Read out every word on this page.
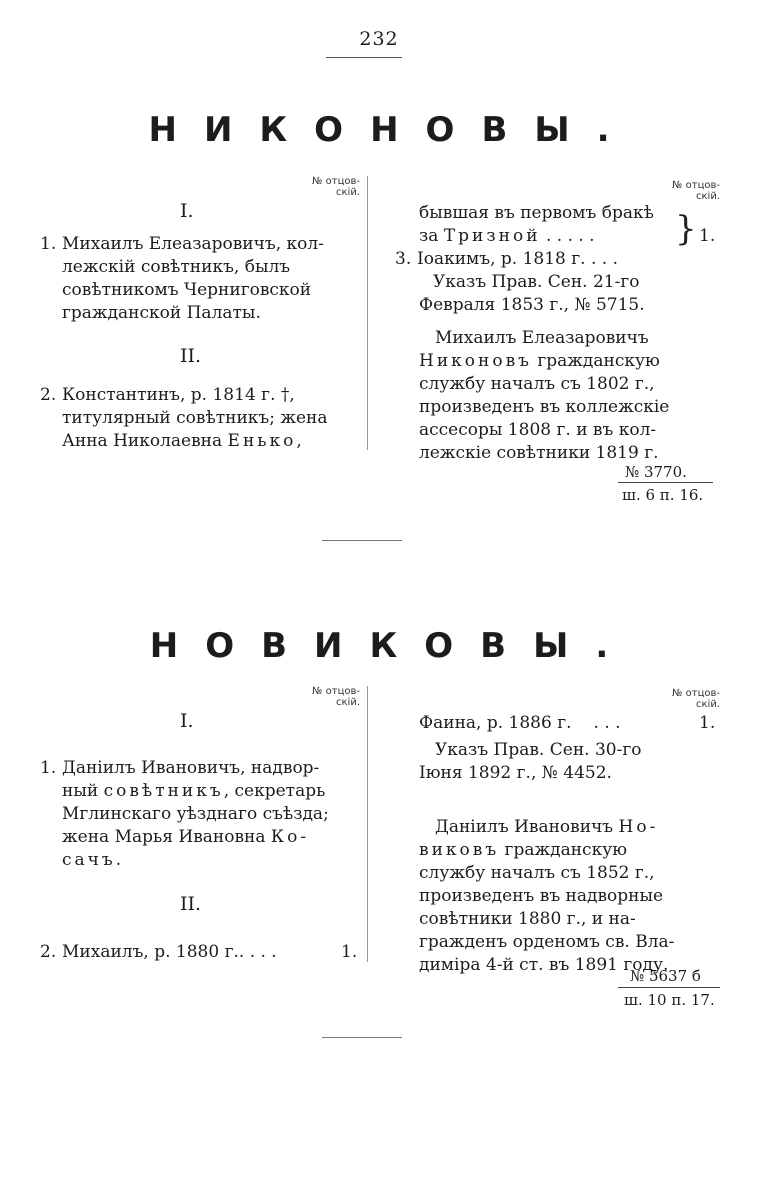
232
НИКОНОВЫ.
№ отцов-
скій.
I.
1. Михаилъ Елеазаровичъ, кол-
лежскій совѣтникъ, былъ
совѣтникомъ Черниговской
гражданской Палаты.
II.
2. Константинъ, р. 1814 г. †,
титулярный совѣтникъ; жена
Анна Николаевна Енько,
№ отцов-
скій.
бывшая въ первомъ бракѣ
за Тризной . . . . .	} 1.
3. Іоакимъ, р. 1818 г. . . .
Указъ Прав. Сен. 21-го
Февраля 1853 г., № 5715.
Михаилъ Елеазаровичъ
Никоновъ гражданскую
службу началъ съ 1802 г.,
произведенъ въ коллежскіе
ассесоры 1808 г. и въ кол-
лежскіе совѣтники 1819 г.
№ 3770.
ш. 6 п. 16.
НОВИКОВЫ.
№ отцов-
скій.
I.
1. Даніилъ Ивановичъ, надвор-
ный совѣтникъ, секретарь
Мглинскаго уѣзднаго съѣзда;
жена Марья Ивановна Ко-
сачъ.
II.
2. Михаилъ, р. 1880 г.. . . .	1.
№ отцов-
скій.
Фаина, р. 1886 г. . . .	1.
Указъ Прав. Сен. 30-го
Іюня 1892 г., № 4452.
Даніилъ Ивановичъ Но-
виковъ гражданскую
службу началъ съ 1852 г.,
произведенъ въ надворные
совѣтники 1880 г., и на-
гражденъ орденомъ св. Вла-
диміра 4-й ст. въ 1891 году.
№ 5637 б
ш. 10 п. 17.
